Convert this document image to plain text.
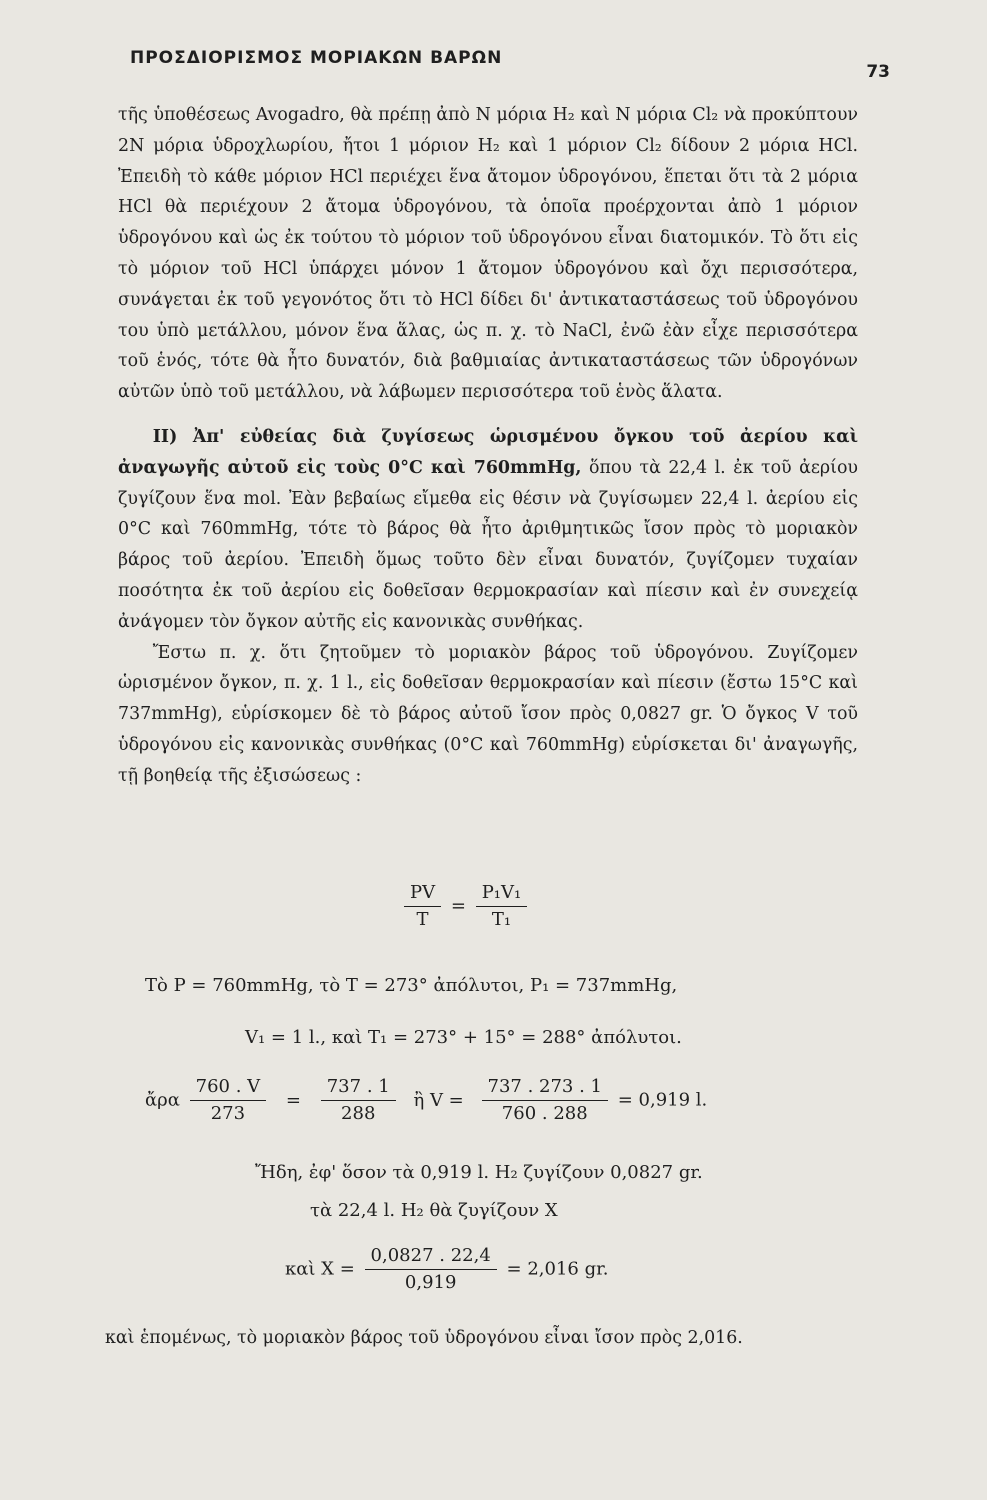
ΠΡΟΣΔΙΟΡΙΣΜΟΣ ΜΟΡΙΑΚΩΝ ΒΑΡΩΝ
73

τῆς ὑποθέσεως Avogadro, θὰ πρέπῃ ἀπὸ Ν μόρια H₂ καὶ Ν μόρια Cl₂ νὰ προκύπτουν 2Ν μόρια ὑδροχλωρίου, ἤτοι 1 μόριον H₂ καὶ 1 μόριον Cl₂ δίδουν 2 μόρια HCl. Ἐπειδὴ τὸ κάθε μόριον HCl περιέχει ἕνα ἄτομον ὑδρογόνου, ἕπεται ὅτι τὰ 2 μόρια HCl θὰ περιέχουν 2 ἄτομα ὑδρογόνου, τὰ ὁποῖα προέρχονται ἀπὸ 1 μόριον ὑδρογόνου καὶ ὡς ἐκ τούτου τὸ μόριον τοῦ ὑδρογόνου εἶναι διατομικόν. Τὸ ὅτι εἰς τὸ μόριον τοῦ HCl ὑπάρχει μόνον 1 ἄτομον ὑδρογόνου καὶ ὄχι περισσότερα, συνάγεται ἐκ τοῦ γεγονότος ὅτι τὸ HCl δίδει δι' ἀντικαταστάσεως τοῦ ὑδρογόνου του ὑπὸ μετάλλου, μόνον ἕνα ἅλας, ὡς π. χ. τὸ NaCl, ἐνῶ ἐὰν εἶχε περισσότερα τοῦ ἑνός, τότε θὰ ἦτο δυνατόν, διὰ βαθμιαίας ἀντικαταστάσεως τῶν ὑδρογόνων αὐτῶν ὑπὸ τοῦ μετάλλου, νὰ λάβωμεν περισσότερα τοῦ ἑνὸς ἅλατα.

II) Ἀπ' εὐθείας διὰ ζυγίσεως ὡρισμένου ὄγκου τοῦ ἀερίου καὶ ἀναγωγῆς αὐτοῦ εἰς τοὺς 0°C καὶ 760mmHg, ὅπου τὰ 22,4 l. ἐκ τοῦ ἀερίου ζυγίζουν ἕνα mol. Ἐὰν βεβαίως εἴμεθα εἰς θέσιν νὰ ζυγίσωμεν 22,4 l. ἀερίου εἰς 0°C καὶ 760mmHg, τότε τὸ βάρος θὰ ἦτο ἀριθμητικῶς ἴσον πρὸς τὸ μοριακὸν βάρος τοῦ ἀερίου. Ἐπειδὴ ὅμως τοῦτο δὲν εἶναι δυνατόν, ζυγίζομεν τυχαίαν ποσότητα ἐκ τοῦ ἀερίου εἰς δοθεῖσαν θερμοκρασίαν καὶ πίεσιν καὶ ἐν συνεχείᾳ ἀνάγομεν τὸν ὄγκον αὐτῆς εἰς κανονικὰς συνθήκας.

Ἔστω π. χ. ὅτι ζητοῦμεν τὸ μοριακὸν βάρος τοῦ ὑδρογόνου. Ζυγίζομεν ὡρισμένον ὄγκον, π. χ. 1 l., εἰς δοθεῖσαν θερμοκρασίαν καὶ πίεσιν (ἔστω 15°C καὶ 737mmHg), εὑρίσκομεν δὲ τὸ βάρος αὐτοῦ ἴσον πρὸς 0,0827 gr. Ὁ ὄγκος V τοῦ ὑδρογόνου εἰς κανονικὰς συνθήκας (0°C καὶ 760mmHg) εὑρίσκεται δι' ἀναγωγῆς, τῇ βοηθείᾳ τῆς ἐξισώσεως :

$\frac{PV}{T} = \frac{\text{P₁V₁}}{\text{T₁}}$
Τὸ P = 760mmHg, τὸ T = 273° ἀπόλυτοι, P₁ = 737mmHg,
V₁ = 1 l., καὶ T₁ = 273° + 15° = 288° ἀπόλυτοι.
ἄρα $\frac{760 . V}{273} = \frac{737 . 1}{288}$ ἢ $V = \frac{737 . 273 . 1}{760 . 288} = 0,919$ l.
Ἤδη, ἐφ' ὅσον τὰ 0,919 l. H₂ ζυγίζουν 0,0827 gr.
τὰ 22,4 l. H₂ θὰ ζυγίζουν X
καὶ $X = \frac{0,0827 . 22,4}{0,919} = 2,016$ gr.

καὶ ἑπομένως, τὸ μοριακὸν βάρος τοῦ ὑδρογόνου εἶναι ἴσον πρὸς 2,016.
